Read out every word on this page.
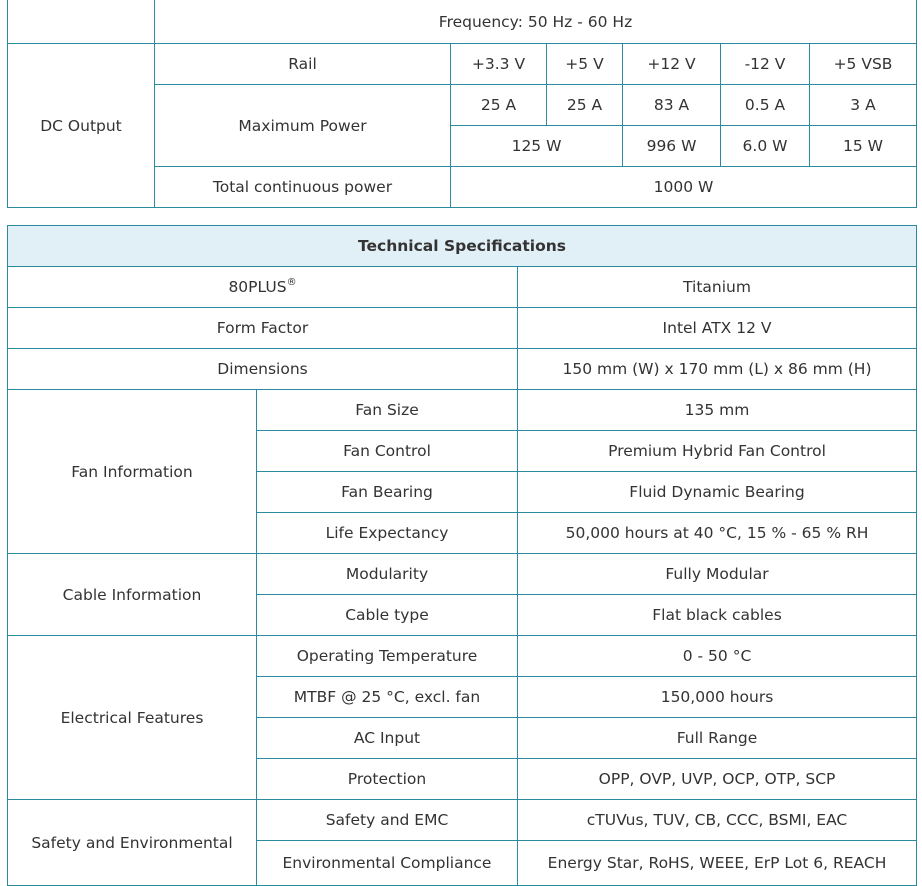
	Frequency: 50 Hz - 60 Hz					
DC Output	Rail	+3.3 V	+5 V	+12 V	-12 V	+5 VSB
	Maximum Power	25 A	25 A	83 A	0.5 A	3 A
		125 W		996 W	6.0 W	15 W
	Total continuous power	1000 W				
Technical Specifications		
80PLUS®		Titanium
Form Factor		Intel ATX 12 V
Dimensions		150 mm (W) x 170 mm (L) x 86 mm (H)
Fan Information	Fan Size	135 mm
	Fan Control	Premium Hybrid Fan Control
	Fan Bearing	Fluid Dynamic Bearing
	Life Expectancy	50,000 hours at 40 °C, 15 % - 65 % RH
Cable Information	Modularity	Fully Modular
	Cable type	Flat black cables
Electrical Features	Operating Temperature	0 - 50 °C
	MTBF @ 25 °C, excl. fan	150,000 hours
	AC Input	Full Range
	Protection	OPP, OVP, UVP, OCP, OTP, SCP
Safety and Environmental	Safety and EMC	cTUVus, TUV, CB, CCC, BSMI, EAC
	Environmental Compliance	Energy Star, RoHS, WEEE, ErP Lot 6, REACH
